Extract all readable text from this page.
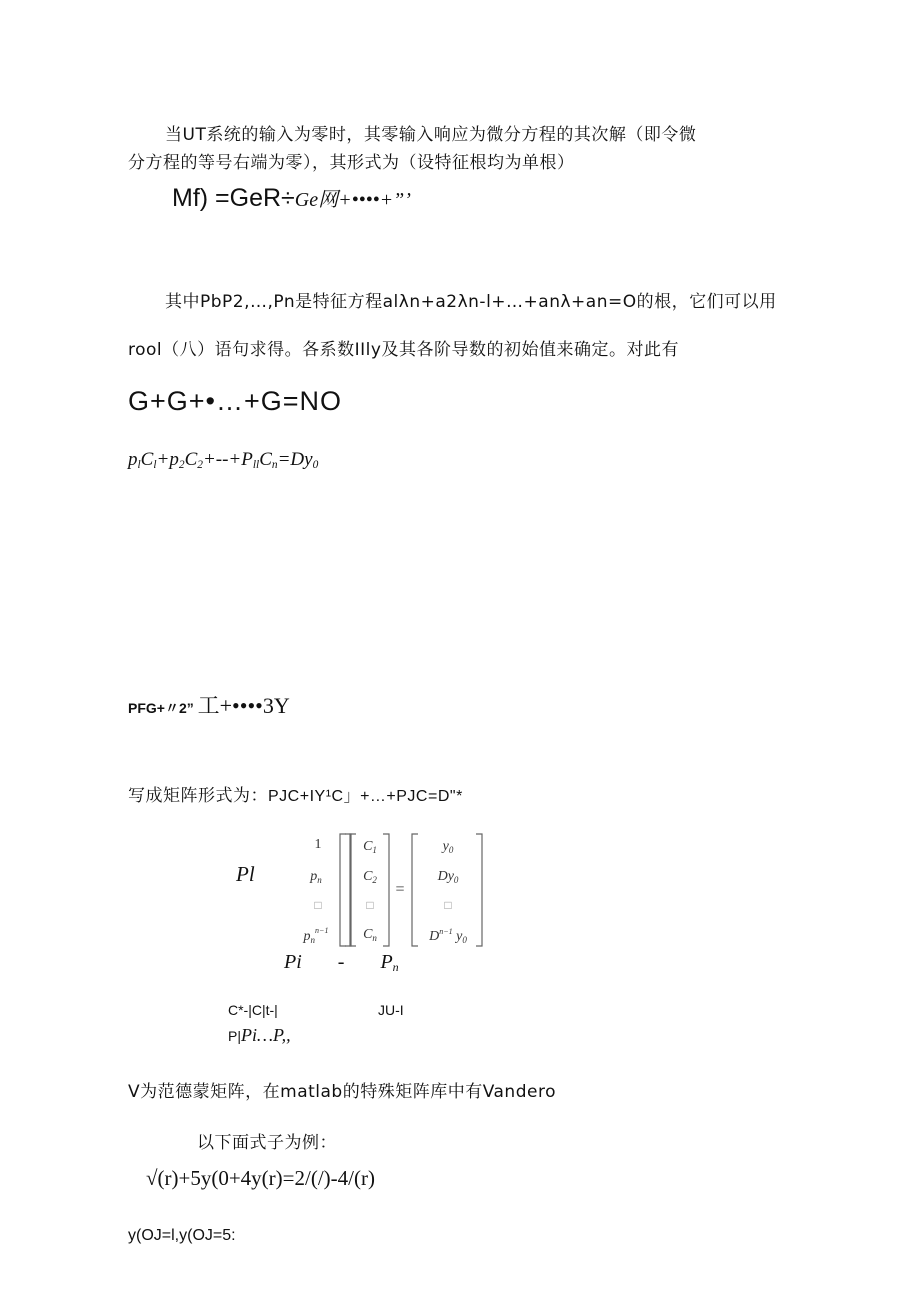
当UT系统的输入为零时，其零输入响应为微分方程的其次解（即令微
分方程的等号右端为零），其形式为（设特征根均为单根）
Mf) =GeR÷Ge网+••••+”’
其中PbP2,…,Pn是特征方程alλn+a2λn-l+…+anλ+an=O的根，它们可以用
rool（八）语句求得。各系数IIly及其各阶导数的初始值来确定。对此有
G+G+•…+G=NO
$p_lC_l+p_2C_2+--+P_{ll}C_n=Dy_0$
PFG+〃2” 工+••••3Y
写成矩阵形式为：PJC+IY¹C」+…+PJC=D"*
Pl
1
$p_n$
□
$p_n^{n-1}$
$C_1$
$C_2$
□
$C_n$
=
$y_0$
$Dy_0$
□
$D^{n-1}$ $y_0$
Pi - $P_n$
C*-|C|t-|	JU-I
P|Pi…P,,
V为范德蒙矩阵，在matlab的特殊矩阵库中有Vandero
以下面式子为例：
√(r)+5y(0+4y(r)=2/(/)-4/(r)
y(OJ=l,y(OJ=5:
